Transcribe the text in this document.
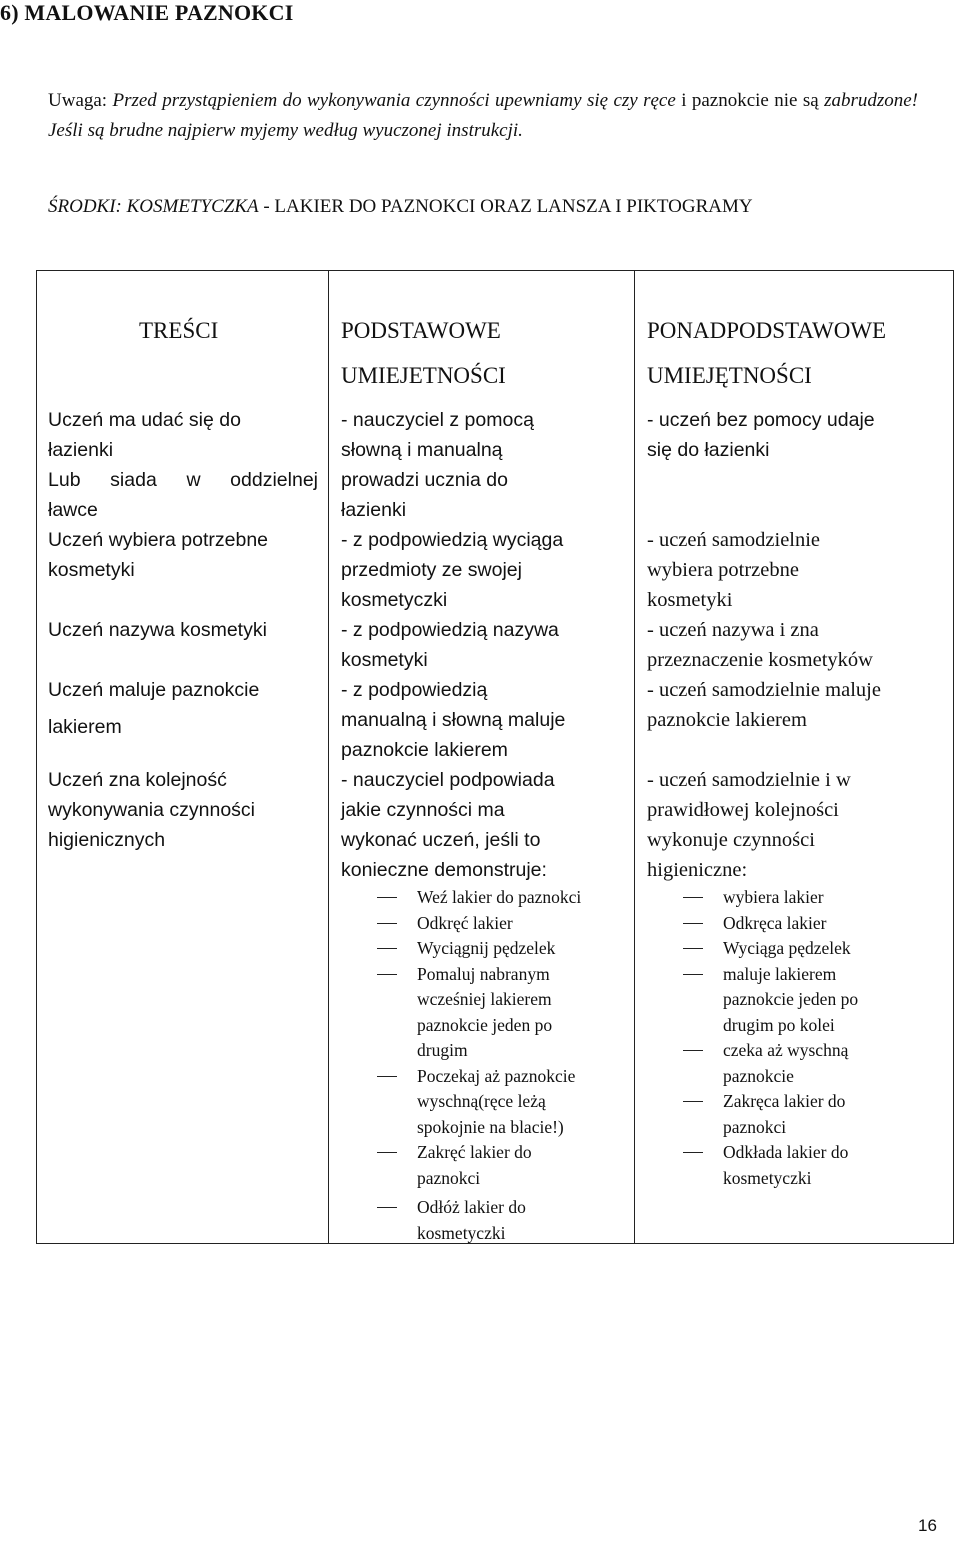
6) MALOWANIE PAZNOKCI
Uwaga: Przed przystąpieniem do wykonywania czynności upewniamy się czy ręce i paznokcie nie są zabrudzone! Jeśli są brudne najpierw myjemy według wyuczonej instrukcji.
ŚRODKI: KOSMETYCZKA - LAKIER DO PAZNOKCI ORAZ LANSZA I PIKTOGRAMY
TREŚCI	PODSTAWOWE
UMIEJETNOŚCI
PONADPODSTAWOWE
UMIEJĘTNOŚCI
Uczeń ma udać się do
łazienki
Lub siada w oddzielnej
ławce
- nauczyciel z pomocą
słowną i manualną
prowadzi ucznia do
łazienki
- uczeń bez pomocy udaje
się do łazienki
Uczeń wybiera potrzebne
kosmetyki
- z podpowiedzią wyciąga
przedmioty ze swojej
kosmetyczki
- uczeń samodzielnie
wybiera potrzebne
kosmetyki
Uczeń nazywa kosmetyki	- z podpowiedzią nazywa
kosmetyki
- uczeń nazywa i zna
przeznaczenie kosmetyków
Uczeń maluje paznokcie
lakierem
- z podpowiedzią
manualną i słowną maluje
paznokcie lakierem
- uczeń samodzielnie maluje
paznokcie lakierem
Uczeń zna kolejność
wykonywania czynności
higienicznych
- nauczyciel podpowiada
jakie czynności ma
wykonać uczeń, jeśli to
konieczne demonstruje:
- uczeń samodzielnie i w
prawidłowej kolejności
wykonuje czynności
higieniczne:
Weź lakier do paznokci
Odkręć lakier
Wyciągnij pędzelek
Pomaluj nabranym
wcześniej lakierem
paznokcie jeden po
drugim
Poczekaj aż paznokcie
wyschną(ręce leżą
spokojnie na blacie!)
Zakręć lakier do
paznokci
Odłóż lakier do
kosmetyczki
wybiera lakier
Odkręca lakier
Wyciąga pędzelek
maluje lakierem
paznokcie jeden po
drugim po kolei
czeka aż wyschną
paznokcie
Zakręca lakier do
paznokci
Odkłada lakier do
kosmetyczki
16
